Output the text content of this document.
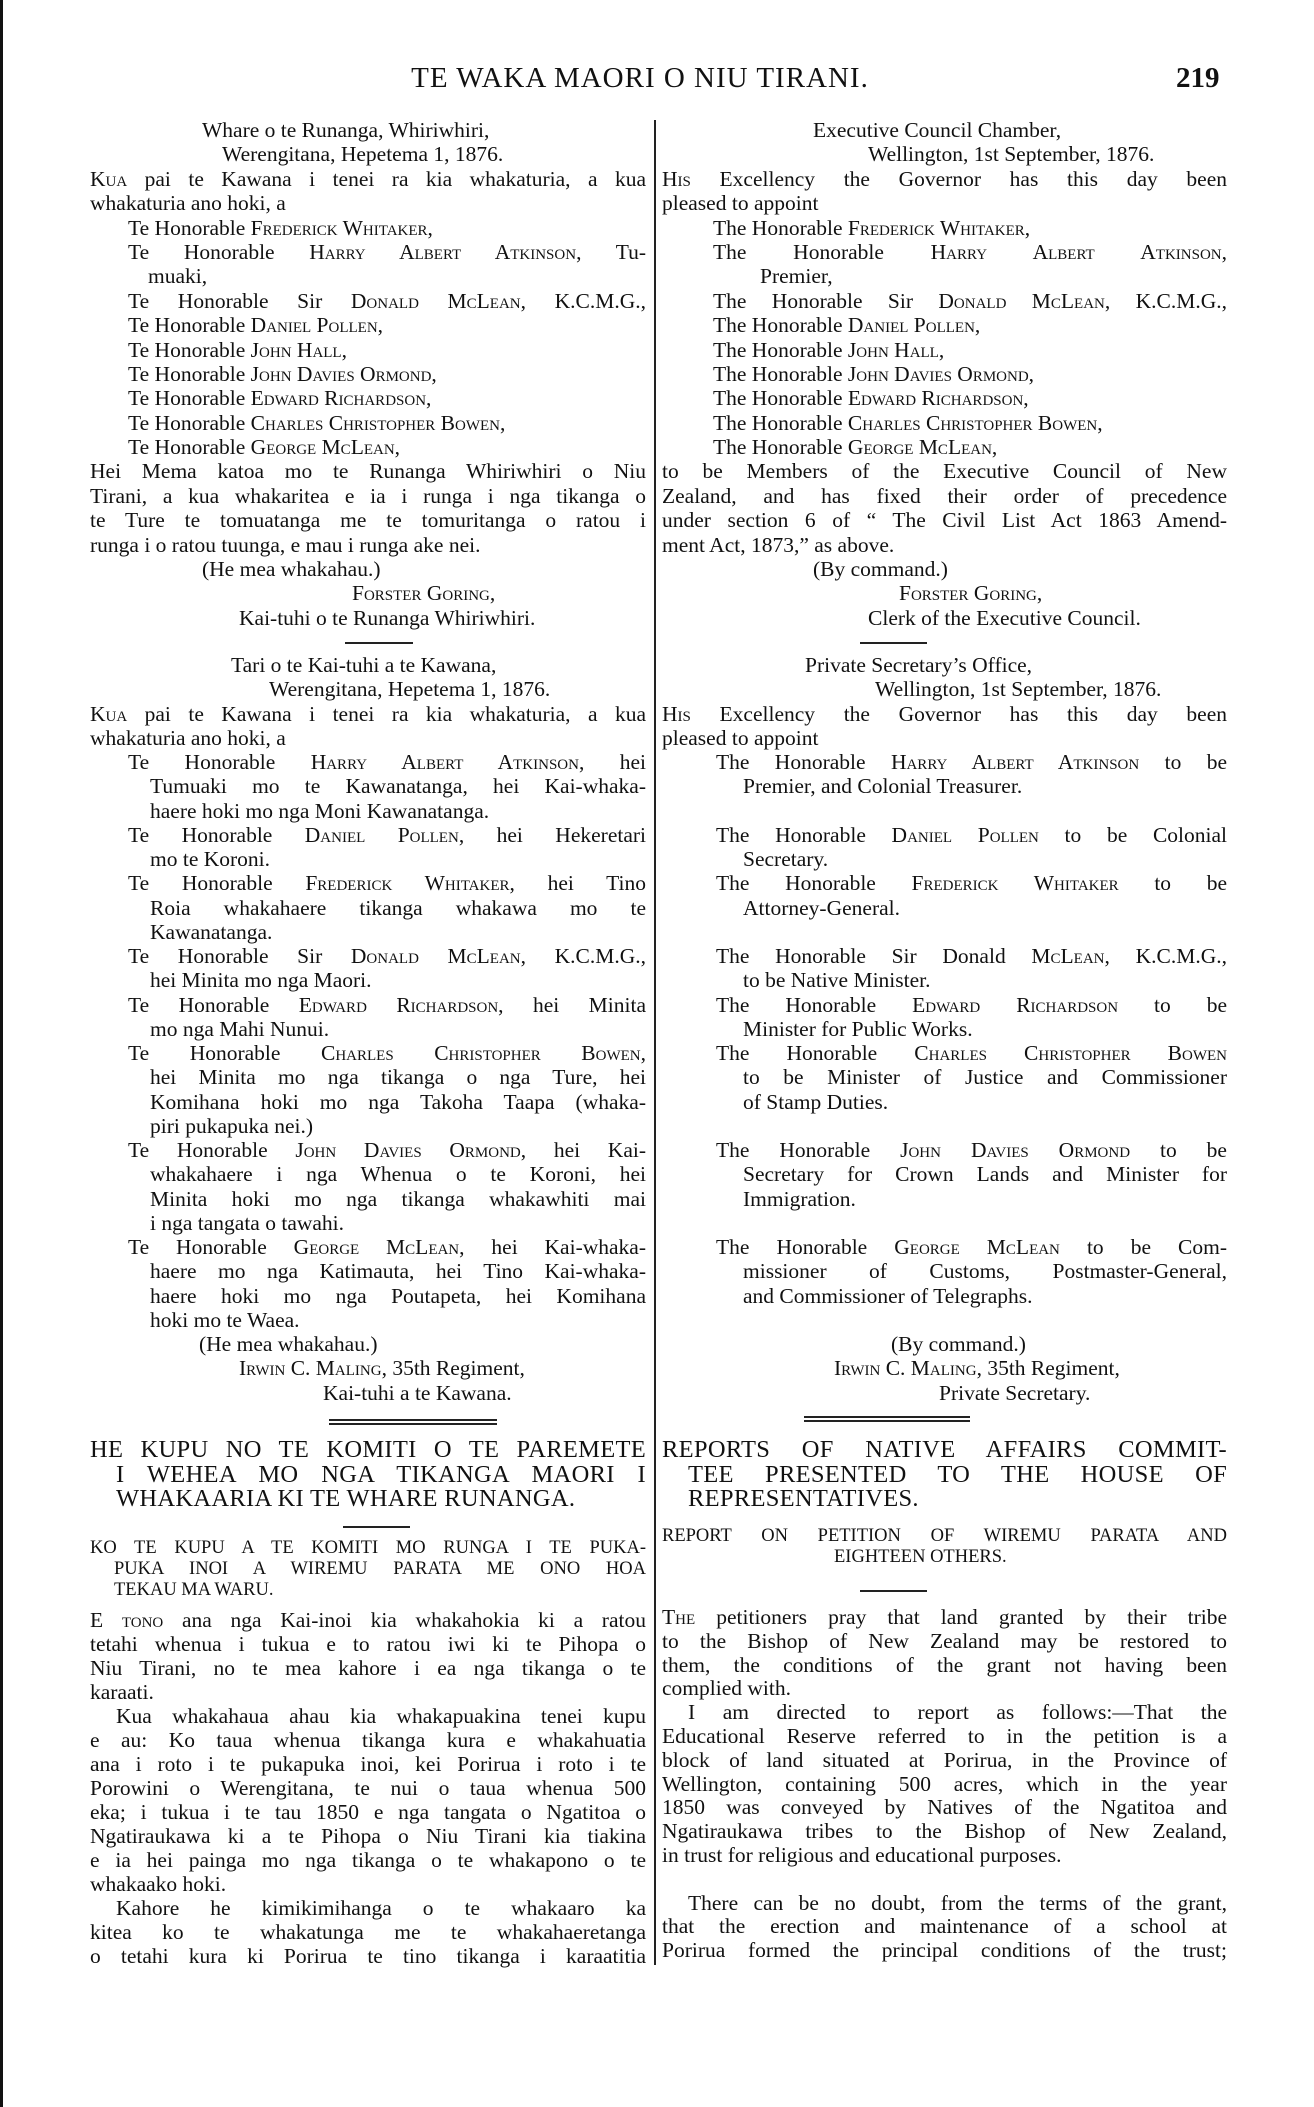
TE WAKA MAORI O NIU TIRANI.	219
Whare o te Runanga, Whiriwhiri,
Werengitana, Hepetema 1, 1876.
Kua pai te Kawana i tenei ra kia whakaturia, a kua
whakaturia ano hoki, a
Te Honorable Frederick Whitaker,
Te Honorable Harry Albert Atkinson, Tu-
muaki,
Te Honorable Sir Donald McLean, K.C.M.G.,
Te Honorable Daniel Pollen,
Te Honorable John Hall,
Te Honorable John Davies Ormond,
Te Honorable Edward Richardson,
Te Honorable Charles Christopher Bowen,
Te Honorable George McLean,
Hei Mema katoa mo te Runanga Whiriwhiri o Niu
Tirani, a kua whakaritea e ia i runga i nga tikanga o
te Ture te tomuatanga me te tomuritanga o ratou i
runga i o ratou tuunga, e mau i runga ake nei.
(He mea whakahau.)
Forster Goring,
Kai-tuhi o te Runanga Whiriwhiri.
Tari o te Kai-tuhi a te Kawana,
Werengitana, Hepetema 1, 1876.
Kua pai te Kawana i tenei ra kia whakaturia, a kua
whakaturia ano hoki, a
Te Honorable Harry Albert Atkinson, hei
Tumuaki mo te Kawanatanga, hei Kai-whaka-
haere hoki mo nga Moni Kawanatanga.
Te Honorable Daniel Pollen, hei Hekeretari
mo te Koroni.
Te Honorable Frederick Whitaker, hei Tino
Roia whakahaere tikanga whakawa mo te
Kawanatanga.
Te Honorable Sir Donald McLean, K.C.M.G.,
hei Minita mo nga Maori.
Te Honorable Edward Richardson, hei Minita
mo nga Mahi Nunui.
Te Honorable Charles Christopher Bowen,
hei Minita mo nga tikanga o nga Ture, hei
Komihana hoki mo nga Takoha Taapa (whaka-
piri pukapuka nei.)
Te Honorable John Davies Ormond, hei Kai-
whakahaere i nga Whenua o te Koroni, hei
Minita hoki mo nga tikanga whakawhiti mai
i nga tangata o tawahi.
Te Honorable George McLean, hei Kai-whaka-
haere mo nga Katimauta, hei Tino Kai-whaka-
haere hoki mo nga Poutapeta, hei Komihana
hoki mo te Waea.
(He mea whakahau.)
Irwin C. Maling, 35th Regiment,
Kai-tuhi a te Kawana.
HE KUPU NO TE KOMITI O TE PAREMETE
I WEHEA MO NGA TIKANGA MAORI I
WHAKAARIA KI TE WHARE RUNANGA.
KO TE KUPU A TE KOMITI MO RUNGA I TE PUKA-
PUKA INOI A WIREMU PARATA ME ONO HOA
TEKAU MA WARU.
E tono ana nga Kai-inoi kia whakahokia ki a ratou
tetahi whenua i tukua e to ratou iwi ki te Pihopa o
Niu Tirani, no te mea kahore i ea nga tikanga o te
karaati.
Kua whakahaua ahau kia whakapuakina tenei kupu
e au: Ko taua whenua tikanga kura e whakahuatia
ana i roto i te pukapuka inoi, kei Porirua i roto i te
Porowini o Werengitana, te nui o taua whenua 500
eka; i tukua i te tau 1850 e nga tangata o Ngatitoa o
Ngatiraukawa ki a te Pihopa o Niu Tirani kia tiakina
e ia hei painga mo nga tikanga o te whakapono o te
whakaako hoki.
Kahore he kimikimihanga o te whakaaro ka
kitea ko te whakatunga me te whakahaeretanga
o tetahi kura ki Porirua te tino tikanga i karaatitia
Executive Council Chamber,
Wellington, 1st September, 1876.
His Excellency the Governor has this day been
pleased to appoint
The Honorable Frederick Whitaker,
The Honorable Harry Albert Atkinson,
Premier,
The Honorable Sir Donald McLean, K.C.M.G.,
The Honorable Daniel Pollen,
The Honorable John Hall,
The Honorable John Davies Ormond,
The Honorable Edward Richardson,
The Honorable Charles Christopher Bowen,
The Honorable George McLean,
to be Members of the Executive Council of New
Zealand, and has fixed their order of precedence
under section 6 of “ The Civil List Act 1863 Amend-
ment Act, 1873,” as above.
(By command.)
Forster Goring,
Clerk of the Executive Council.
Private Secretary’s Office,
Wellington, 1st September, 1876.
His Excellency the Governor has this day been
pleased to appoint
The Honorable Harry Albert Atkinson to be
Premier, and Colonial Treasurer.

The Honorable Daniel Pollen to be Colonial
Secretary.
The Honorable Frederick Whitaker to be
Attorney-General.

The Honorable Sir Donald McLean, K.C.M.G.,
to be Native Minister.
The Honorable Edward Richardson to be
Minister for Public Works.
The Honorable Charles Christopher Bowen
to be Minister of Justice and Commissioner
of Stamp Duties.

The Honorable John Davies Ormond to be
Secretary for Crown Lands and Minister for
Immigration.

The Honorable George McLean to be Com-
missioner of Customs, Postmaster-General,
and Commissioner of Telegraphs.

(By command.)
Irwin C. Maling, 35th Regiment,
Private Secretary.
REPORTS OF NATIVE AFFAIRS COMMIT-
TEE PRESENTED TO THE HOUSE OF
REPRESENTATIVES.
REPORT ON PETITION OF WIREMU PARATA AND
EIGHTEEN OTHERS.
The petitioners pray that land granted by their tribe
to the Bishop of New Zealand may be restored to
them, the conditions of the grant not having been
complied with.
I am directed to report as follows:—That the
Educational Reserve referred to in the petition is a
block of land situated at Porirua, in the Province of
Wellington, containing 500 acres, which in the year
1850 was conveyed by Natives of the Ngatitoa and
Ngatiraukawa tribes to the Bishop of New Zealand,
in trust for religious and educational purposes.

There can be no doubt, from the terms of the grant,
that the erection and maintenance of a school at
Porirua formed the principal conditions of the trust;
